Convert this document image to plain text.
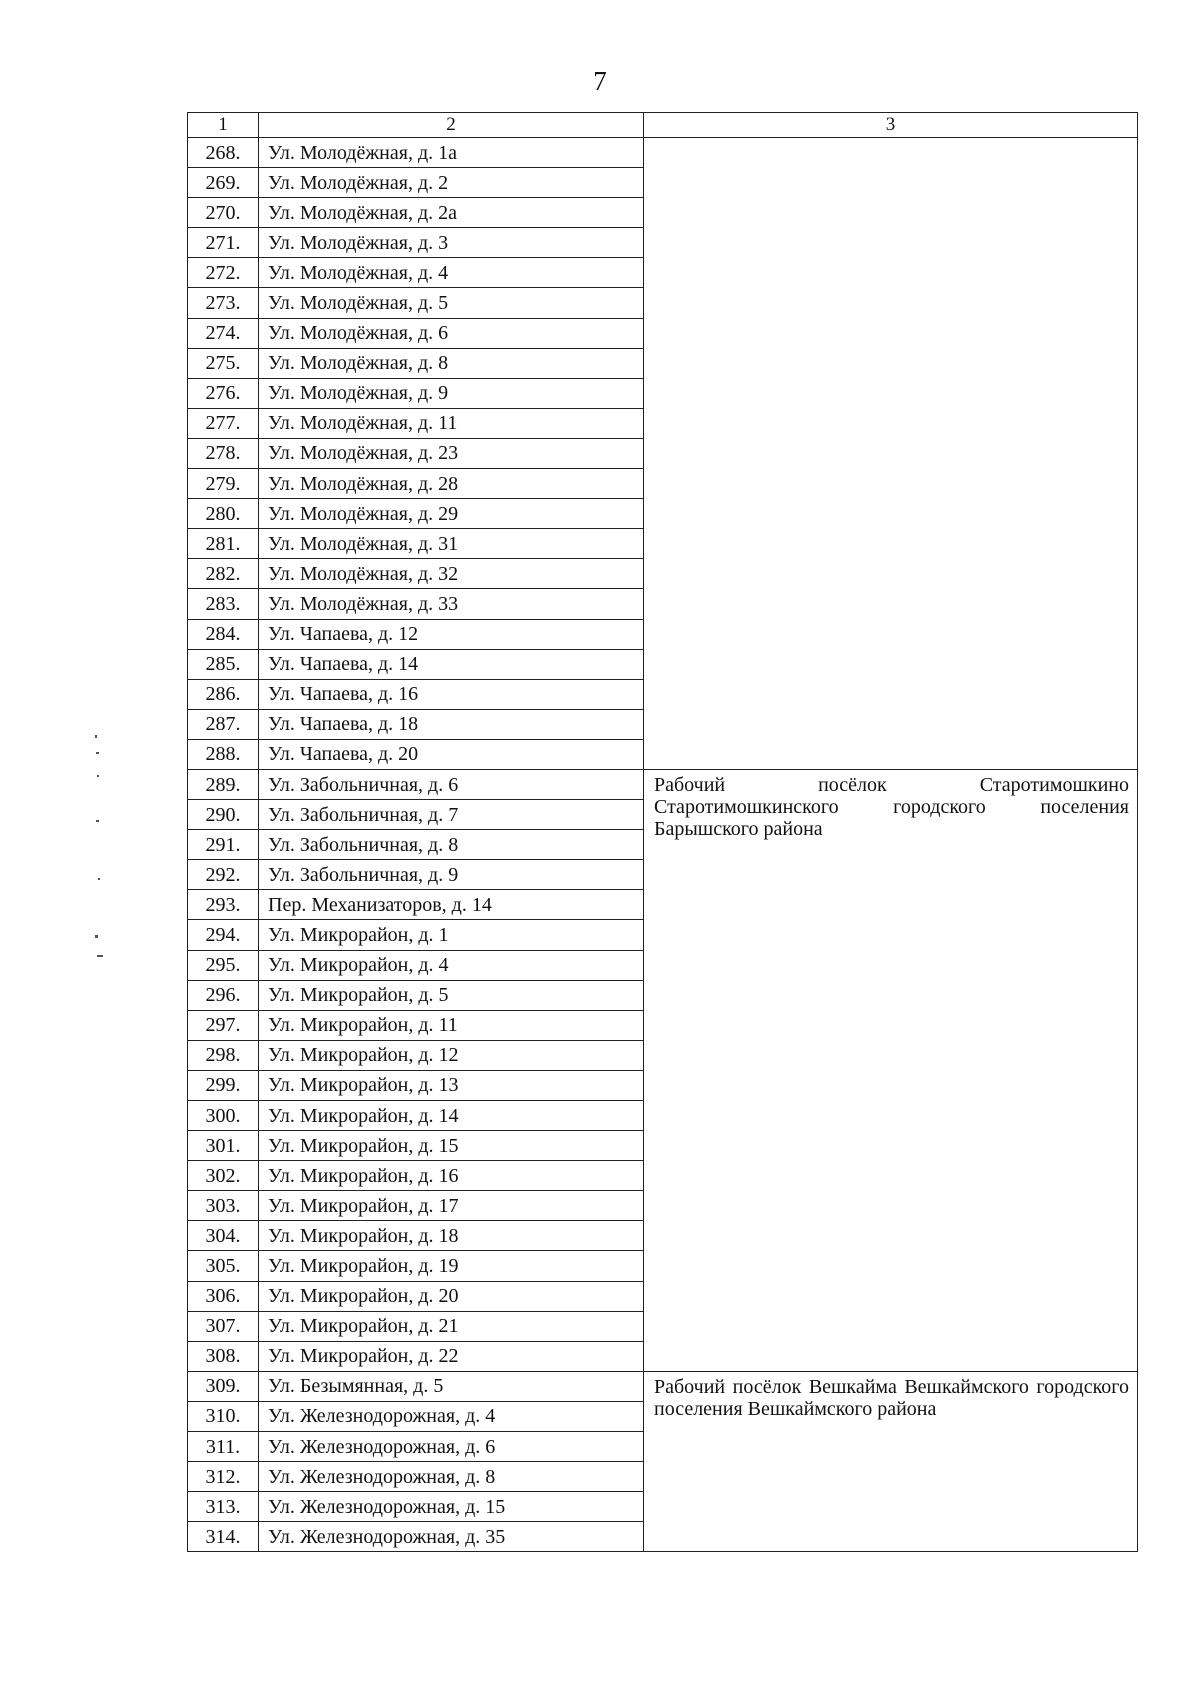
7
1	2	3
268.	Ул. Молодёжная, д. 1а	
269.	Ул. Молодёжная, д. 2	
270.	Ул. Молодёжная, д. 2а	
271.	Ул. Молодёжная, д. 3	
272.	Ул. Молодёжная, д. 4	
273.	Ул. Молодёжная, д. 5	
274.	Ул. Молодёжная, д. 6	
275.	Ул. Молодёжная, д. 8	
276.	Ул. Молодёжная, д. 9	
277.	Ул. Молодёжная, д. 11	
278.	Ул. Молодёжная, д. 23	
279.	Ул. Молодёжная, д. 28	
280.	Ул. Молодёжная, д. 29	
281.	Ул. Молодёжная, д. 31	
282.	Ул. Молодёжная, д. 32	
283.	Ул. Молодёжная, д. 33	
284.	Ул. Чапаева, д. 12	
285.	Ул. Чапаева, д. 14	
286.	Ул. Чапаева, д. 16	
287.	Ул. Чапаева, д. 18	
288.	Ул. Чапаева, д. 20	
289.	Ул. Забольничная, д. 6	Рабочий посёлок Старотимошкино Старотимошкинского городского поселения Барышского района
290.	Ул. Забольничная, д. 7	
291.	Ул. Забольничная, д. 8	
292.	Ул. Забольничная, д. 9	
293.	Пер. Механизаторов, д. 14	
294.	Ул. Микрорайон, д. 1	
295.	Ул. Микрорайон, д. 4	
296.	Ул. Микрорайон, д. 5	
297.	Ул. Микрорайон, д. 11	
298.	Ул. Микрорайон, д. 12	
299.	Ул. Микрорайон, д. 13	
300.	Ул. Микрорайон, д. 14	
301.	Ул. Микрорайон, д. 15	
302.	Ул. Микрорайон, д. 16	
303.	Ул. Микрорайон, д. 17	
304.	Ул. Микрорайон, д. 18	
305.	Ул. Микрорайон, д. 19	
306.	Ул. Микрорайон, д. 20	
307.	Ул. Микрорайон, д. 21	
308.	Ул. Микрорайон, д. 22	
309.	Ул. Безымянная, д. 5	Рабочий посёлок Вешкайма Вешкаймского городского поселения Вешкаймского района
310.	Ул. Железнодорожная, д. 4	
311.	Ул. Железнодорожная, д. 6	
312.	Ул. Железнодорожная, д. 8	
313.	Ул. Железнодорожная, д. 15	
314.	Ул. Железнодорожная, д. 35	
